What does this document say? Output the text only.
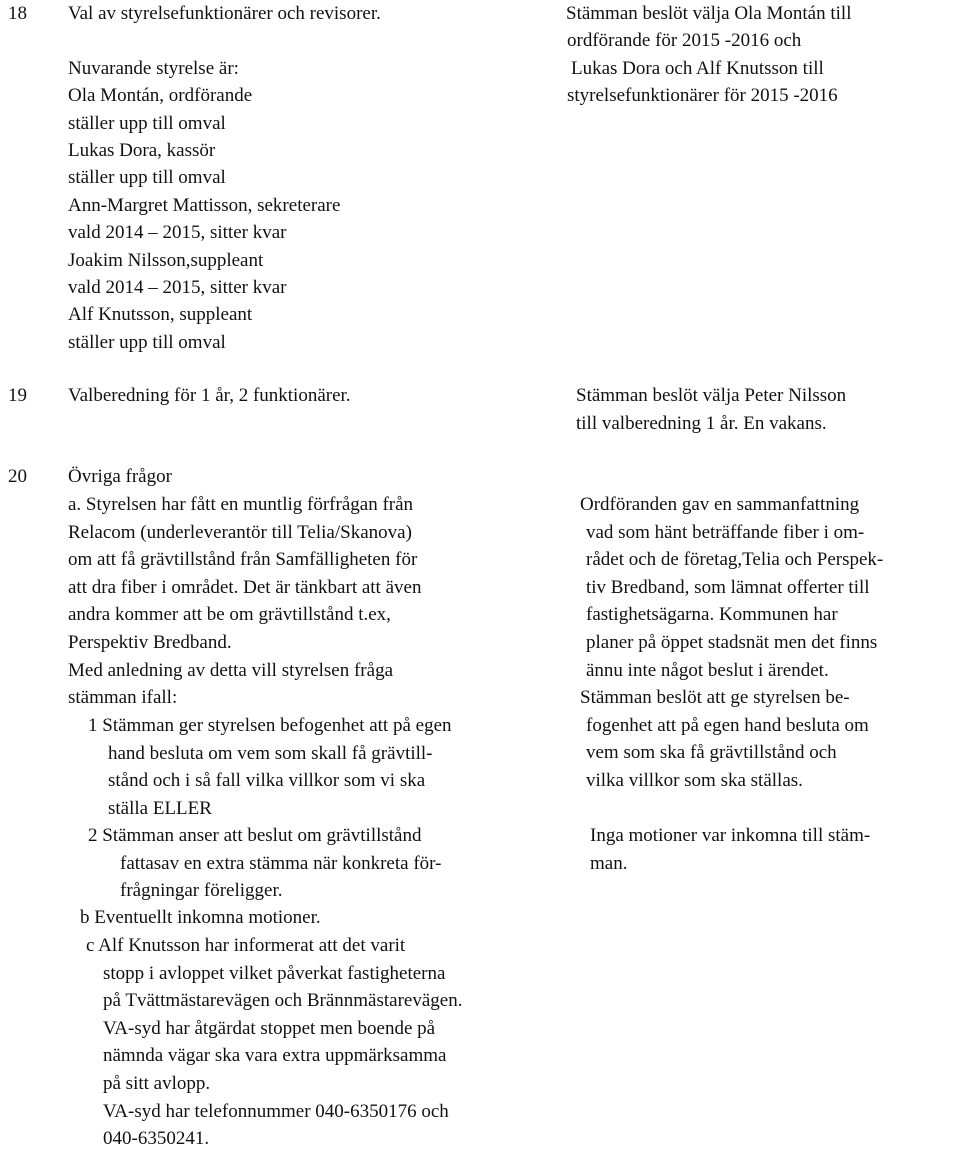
18 Val av styrelsefunktionärer och revisorer.
Nuvarande styrelse är:
Ola Montán, ordförande
ställer upp till omval
Lukas Dora, kassör
ställer upp till omval
Ann-Margret Mattisson, sekreterare
vald 2014 – 2015, sitter kvar
Joakim Nilsson,suppleant
vald 2014 – 2015, sitter kvar
Alf Knutsson, suppleant
ställer upp till omval
Stämman beslöt välja Ola Montán till
ordförande för 2015 -2016 och
Lukas Dora och Alf Knutsson till
styrelsefunktionärer för 2015 -2016
19 Valberedning för 1 år, 2 funktionärer.	Stämman beslöt välja Peter Nilsson
till valberedning 1 år. En vakans.
20 Övriga frågor
a. Styrelsen har fått en muntlig förfrågan från
Relacom (underleverantör till Telia/Skanova)
om att få grävtillstånd från Samfälligheten för
att dra fiber i området. Det är tänkbart att även
andra kommer att be om grävtillstånd t.ex,
Perspektiv Bredband.
Med anledning av detta vill styrelsen fråga
stämman ifall:
1 Stämman ger styrelsen befogenhet att på egen
hand besluta om vem som skall få grävtill-
stånd och i så fall vilka villkor som vi ska
ställa ELLER
2 Stämman anser att beslut om grävtillstånd
fattasav en extra stämma när konkreta för-
frågningar föreligger.
b Eventuellt inkomna motioner.
c Alf Knutsson har informerat att det varit
stopp i avloppet vilket påverkat fastigheterna
på Tvättmästarevägen och Brännmästarevägen.
VA-syd har åtgärdat stoppet men boende på
nämnda vägar ska vara extra uppmärksamma
på sitt avlopp.
VA-syd har telefonnummer 040-6350176 och
040-6350241.
Ordföranden gav en sammanfattning
vad som hänt beträffande fiber i om-
rådet och de företag,Telia och Perspek-
tiv Bredband, som lämnat offerter till
fastighetsägarna. Kommunen har
planer på öppet stadsnät men det finns
ännu inte något beslut i ärendet.
Stämman beslöt att ge styrelsen be-
fogenhet att på egen hand besluta om
vem som ska få grävtillstånd och
vilka villkor som ska ställas.
Inga motioner var inkomna till stäm-
man.
